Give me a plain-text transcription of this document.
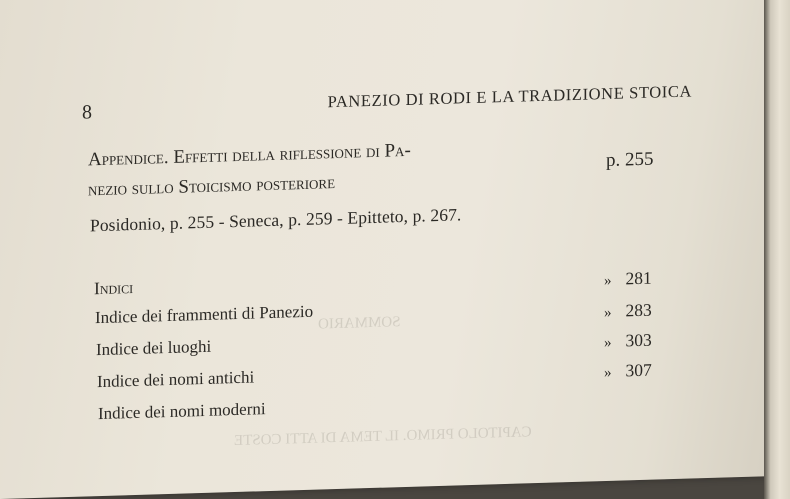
SOMMARIO
CAPITOLO PRIMO. IL TEMA DI ATTI COSTE
8
PANEZIO DI RODI E LA TRADIZIONE STOICA
Appendice. Effetti della riflessione di Pa-
nezio sullo Stoicismo posteriore
p. 255
Posidonio, p. 255 - Seneca, p. 259 - Epitteto, p. 267.
Indici
Indice dei frammenti di Panezio
» 281
Indice dei luoghi
» 283
Indice dei nomi antichi
» 303
Indice dei nomi moderni
» 307
